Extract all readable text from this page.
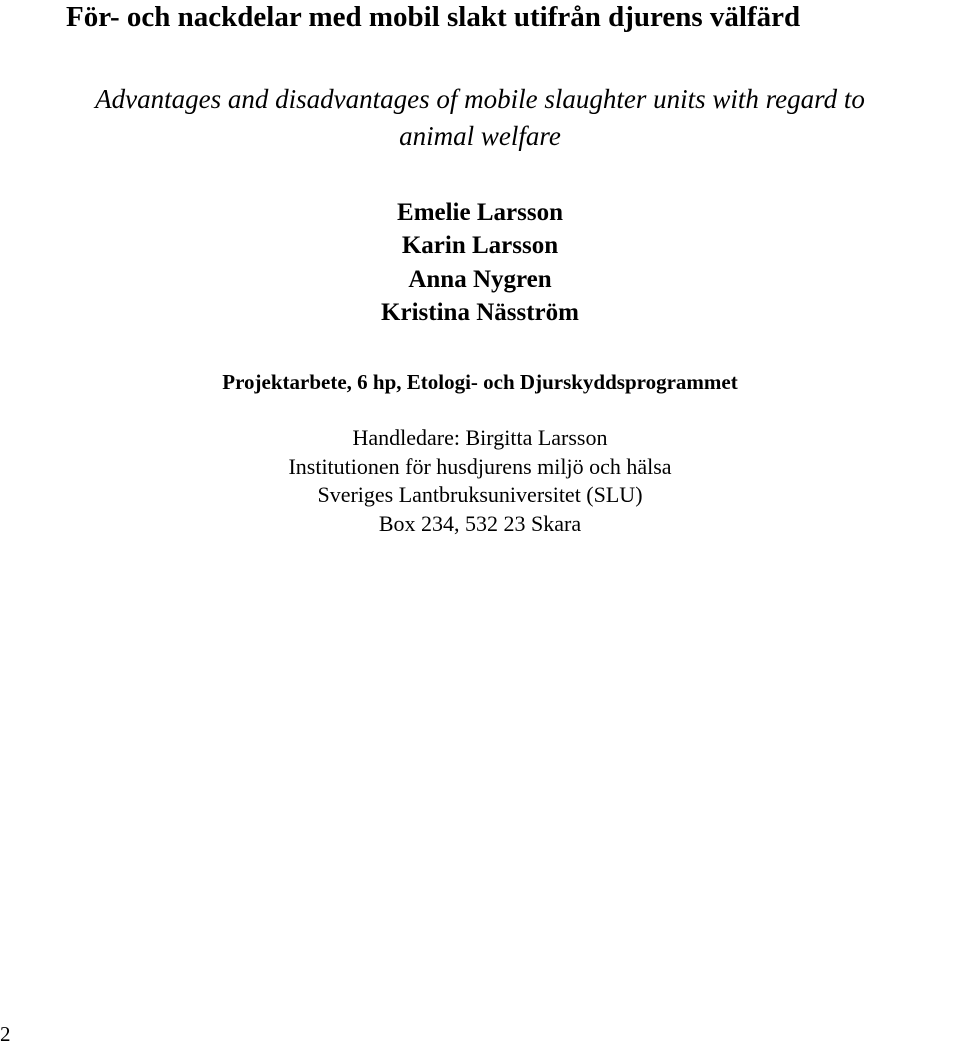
För- och nackdelar med mobil slakt utifrån djurens välfärd
Advantages and disadvantages of mobile slaughter units with regard to
animal welfare
Emelie Larsson
Karin Larsson
Anna Nygren
Kristina Näsström
Projektarbete, 6 hp, Etologi- och Djurskyddsprogrammet
Handledare: Birgitta Larsson
Institutionen för husdjurens miljö och hälsa
Sveriges Lantbruksuniversitet (SLU)
Box 234, 532 23 Skara
2
